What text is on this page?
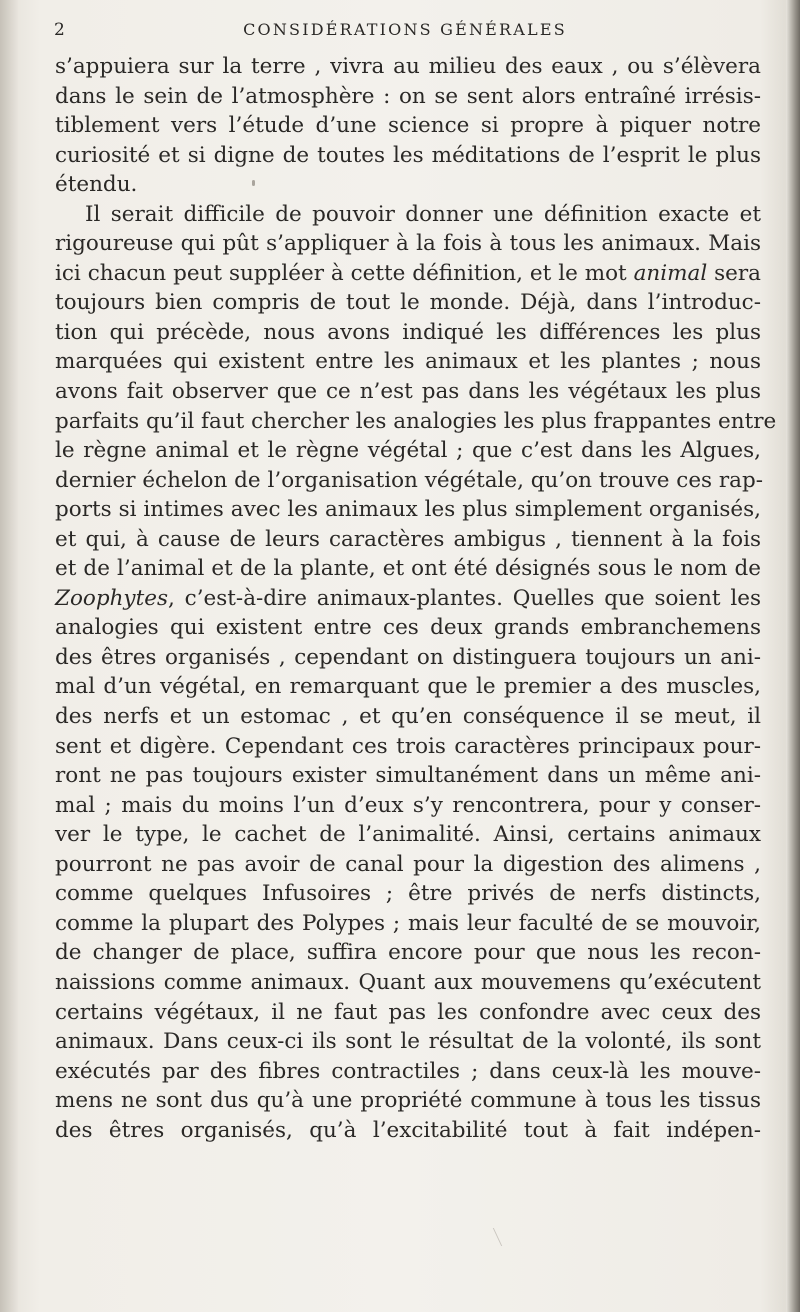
2	CONSIDÉRATIONS GÉNÉRALES
s’appuiera sur la terre , vivra au milieu des eaux , ou s’élèvera
dans le sein de l’atmosphère : on se sent alors entraîné irrésis-
tiblement vers l’étude d’une science si propre à piquer notre
curiosité et si digne de toutes les méditations de l’esprit le plus
étendu.
Il serait difficile de pouvoir donner une définition exacte et
rigoureuse qui pût s’appliquer à la fois à tous les animaux. Mais
ici chacun peut suppléer à cette définition, et le mot animal sera
toujours bien compris de tout le monde. Déjà, dans l’introduc-
tion qui précède, nous avons indiqué les différences les plus
marquées qui existent entre les animaux et les plantes ; nous
avons fait observer que ce n’est pas dans les végétaux les plus
parfaits qu’il faut chercher les analogies les plus frappantes entre
le règne animal et le règne végétal ; que c’est dans les Algues,
dernier échelon de l’organisation végétale, qu’on trouve ces rap-
ports si intimes avec les animaux les plus simplement organisés,
et qui, à cause de leurs caractères ambigus , tiennent à la fois
et de l’animal et de la plante, et ont été désignés sous le nom de
Zoophytes, c’est-à-dire animaux-plantes. Quelles que soient les
analogies qui existent entre ces deux grands embranchemens
des êtres organisés , cependant on distinguera toujours un ani-
mal d’un végétal, en remarquant que le premier a des muscles,
des nerfs et un estomac , et qu’en conséquence il se meut, il
sent et digère. Cependant ces trois caractères principaux pour-
ront ne pas toujours exister simultanément dans un même ani-
mal ; mais du moins l’un d’eux s’y rencontrera, pour y conser-
ver le type, le cachet de l’animalité. Ainsi, certains animaux
pourront ne pas avoir de canal pour la digestion des alimens ,
comme quelques Infusoires ; être privés de nerfs distincts,
comme la plupart des Polypes ; mais leur faculté de se mouvoir,
de changer de place, suffira encore pour que nous les recon-
naissions comme animaux. Quant aux mouvemens qu’exécutent
certains végétaux, il ne faut pas les confondre avec ceux des
animaux. Dans ceux-ci ils sont le résultat de la volonté, ils sont
exécutés par des fibres contractiles ; dans ceux-là les mouve-
mens ne sont dus qu’à une propriété commune à tous les tissus
des êtres organisés, qu’à l’excitabilité tout à fait indépen-
